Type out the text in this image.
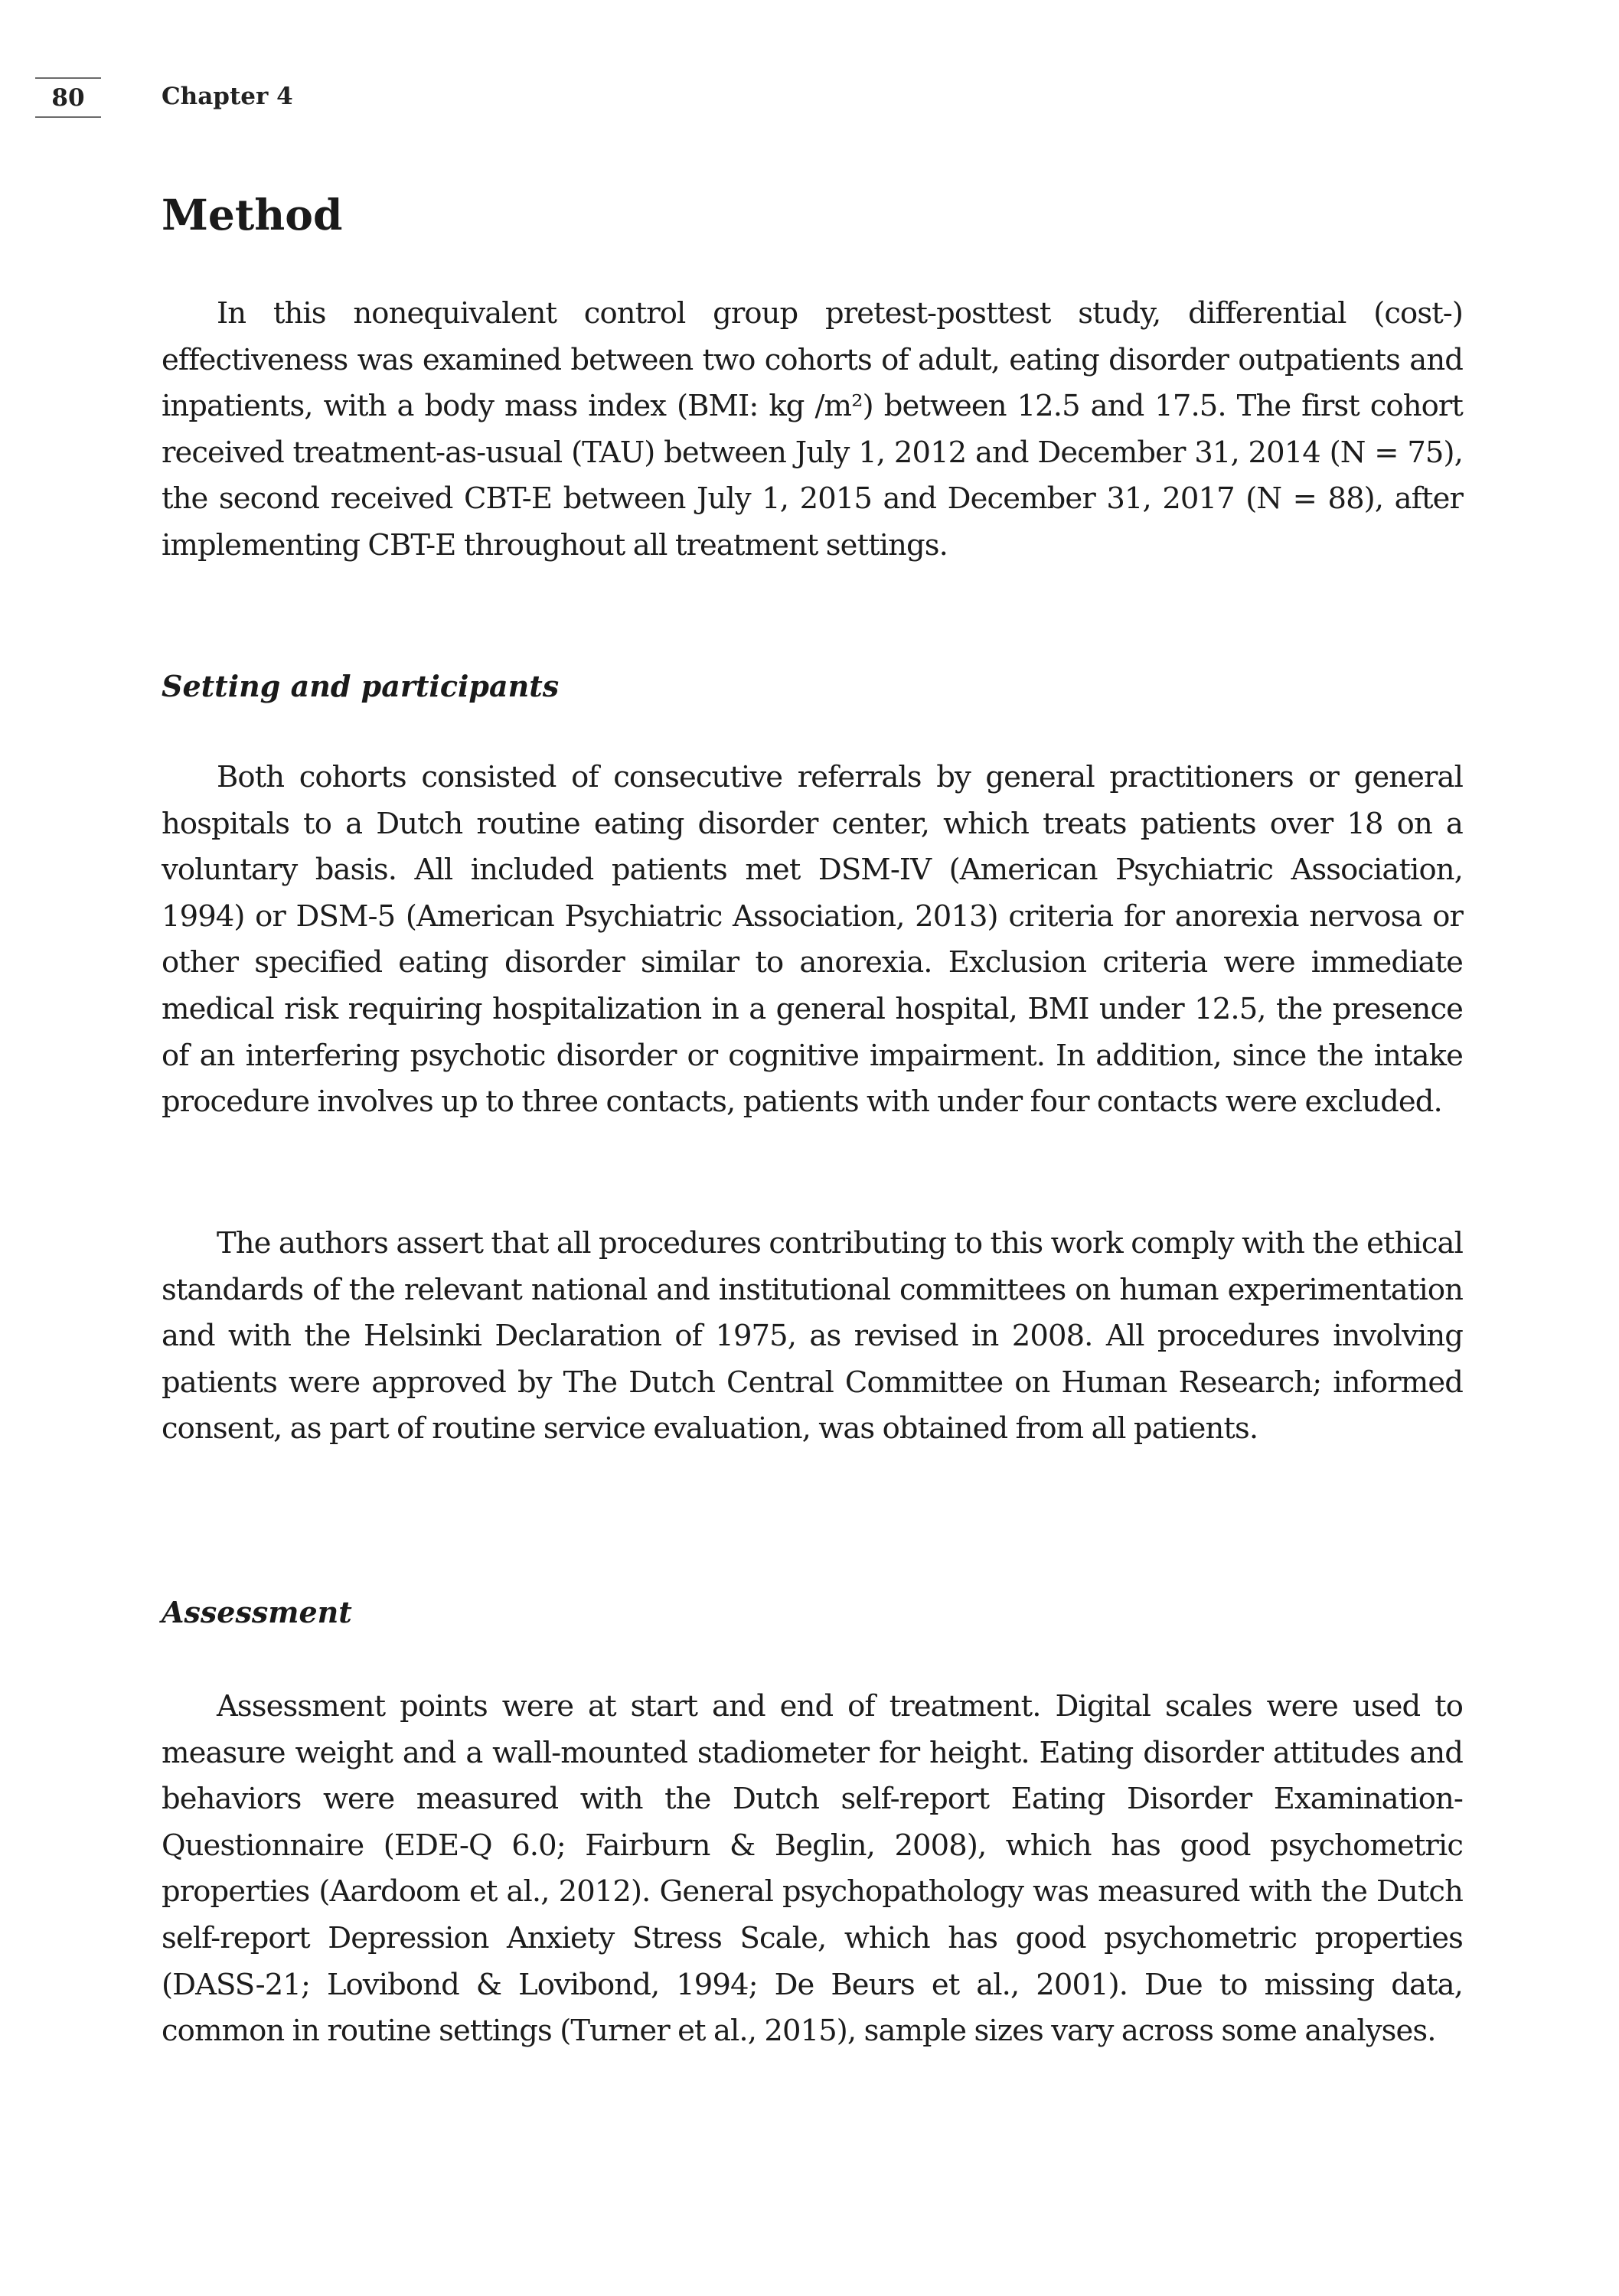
80	Chapter 4
Method

In this nonequivalent control group pretest-posttest study, differential (cost-) effectiveness was examined between two cohorts of adult, eating disorder outpatients and inpatients, with a body mass index (BMI: kg /m²) between 12.5 and 17.5. The first cohort received treatment-as-usual (TAU) between July 1, 2012 and December 31, 2014 (N = 75), the second received CBT-E between July 1, 2015 and December 31, 2017 (N = 88), after implementing CBT-E throughout all treatment settings.

Setting and participants

Both cohorts consisted of consecutive referrals by general practitioners or general hospitals to a Dutch routine eating disorder center, which treats patients over 18 on a voluntary basis. All included patients met DSM-IV (American Psychiatric Association, 1994) or DSM-5 (American Psychiatric Association, 2013) criteria for anorexia nervosa or other specified eating disorder similar to anorexia. Exclusion criteria were immediate medical risk requiring hospitalization in a general hospital, BMI under 12.5, the presence of an interfering psychotic disorder or cognitive impairment. In addition, since the intake procedure involves up to three contacts, patients with under four contacts were excluded.

The authors assert that all procedures contributing to this work comply with the ethical standards of the relevant national and institutional committees on human experimentation and with the Helsinki Declaration of 1975, as revised in 2008. All procedures involving patients were approved by The Dutch Central Committee on Human Research; informed consent, as part of routine service evaluation, was obtained from all patients.

Assessment

Assessment points were at start and end of treatment. Digital scales were used to measure weight and a wall-mounted stadiometer for height. Eating disorder attitudes and behaviors were measured with the Dutch self-report Eating Disorder Examination-Questionnaire (EDE-Q 6.0; Fairburn & Beglin, 2008), which has good psychometric properties (Aardoom et al., 2012). General psychopathology was measured with the Dutch self-report Depression Anxiety Stress Scale, which has good psychometric properties (DASS-21; Lovibond & Lovibond, 1994; De Beurs et al., 2001). Due to missing data, common in routine settings (Turner et al., 2015), sample sizes vary across some analyses.
